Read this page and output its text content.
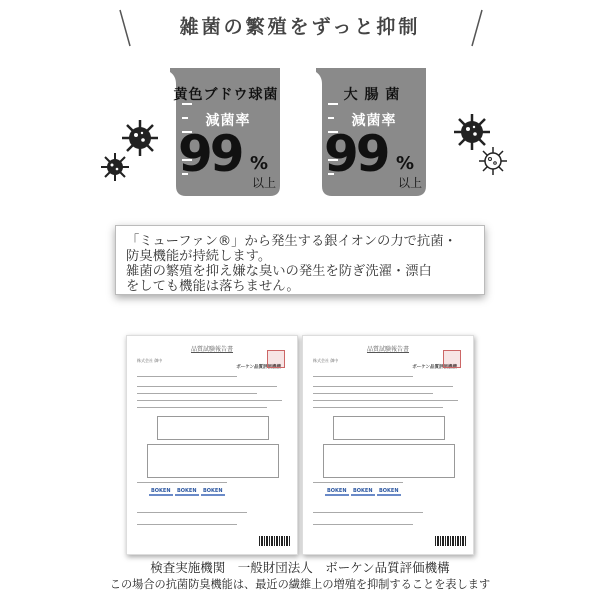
雑菌の繁殖をずっと抑制
黄色ブドウ球菌
減菌率
99 %
以上
大 腸 菌
減菌率
99 %
以上
「ミューファン®」から発生する銀イオンの力で抗菌・
防臭機能が持続します。
雑菌の繁殖を抑え嫌な臭いの発生を防ぎ洗濯・漂白
をしても機能は落ちません。
品質試験報告書
株式会社 御中
ボーケン品質評価機構
BOKEN	BOKEN	BOKEN
品質試験報告書
株式会社 御中
ボーケン品質評価機構
BOKEN	BOKEN	BOKEN
検査実施機関　一般財団法人　ボーケン品質評価機構
この場合の抗菌防臭機能は、最近の繊維上の増殖を抑制することを表します
